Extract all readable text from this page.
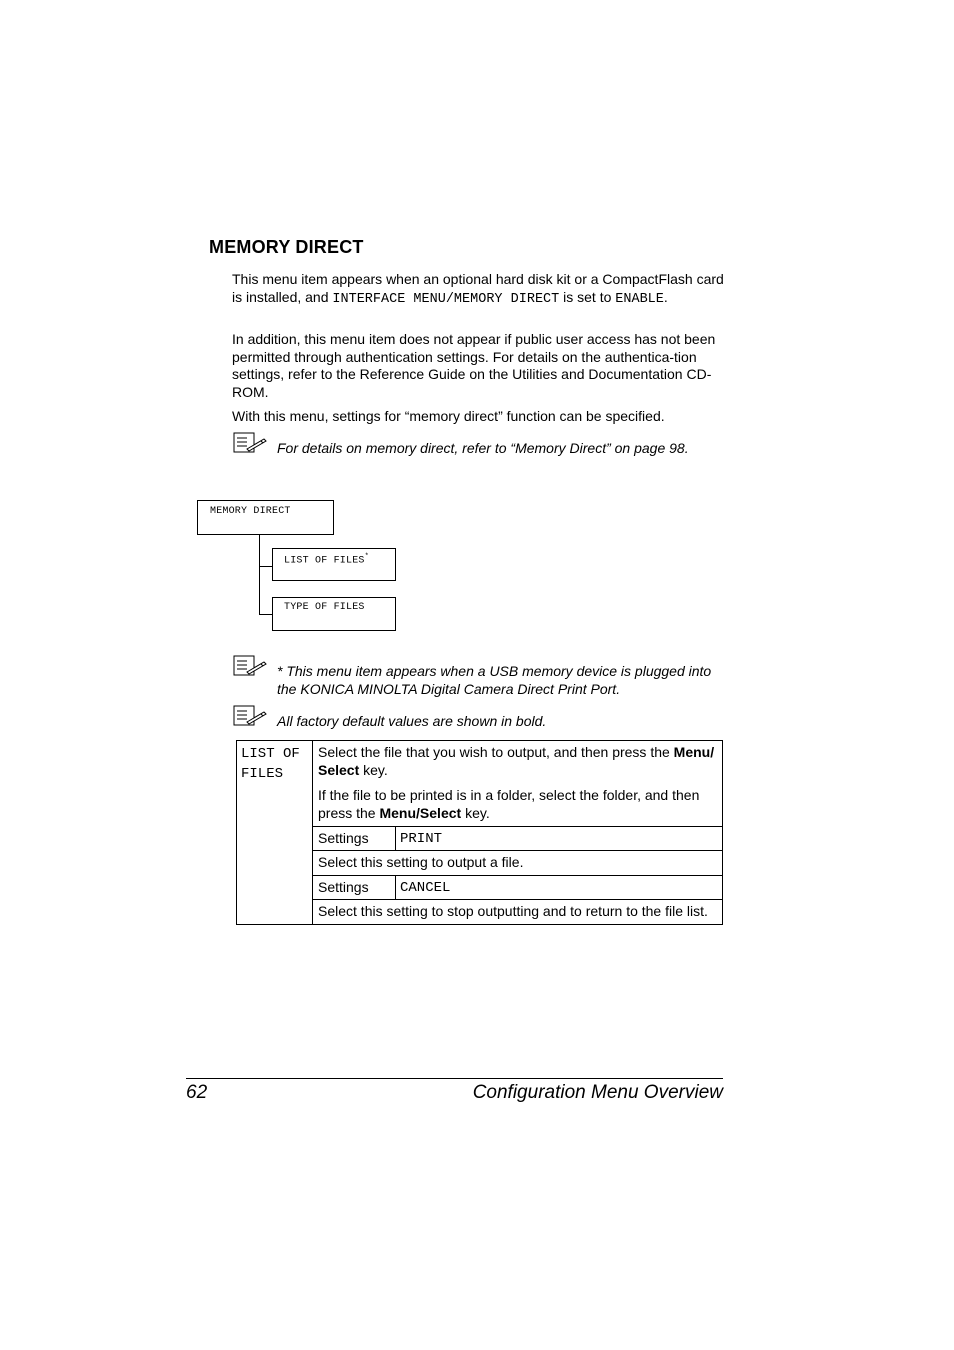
MEMORY DIRECT
This menu item appears when an optional hard disk kit or a CompactFlash card is installed, and INTERFACE MENU/MEMORY DIRECT is set to ENABLE.
In addition, this menu item does not appear if public user access has not been permitted through authentication settings. For details on the authentica-tion settings, refer to the Reference Guide on the Utilities and Documentation CD-ROM.
With this menu, settings for “memory direct” function can be specified.
For details on memory direct, refer to “Memory Direct” on page 98.
MEMORY DIRECT
LIST OF FILES*
TYPE OF FILES
* This menu item appears when a USB memory device is plugged into the KONICA MINOLTA Digital Camera Direct Print Port.
All factory default values are shown in bold.
LIST OF FILES	Select the file that you wish to output, and then press the Menu/ Select key.

If the file to be printed is in a folder, select the folder, and then press the Menu/Select key.	

	Settings	PRINT
	Select this setting to output a file.	
	Settings	CANCEL
	Select this setting to stop outputting and to return to the file list.	
62	Configuration Menu Overview
